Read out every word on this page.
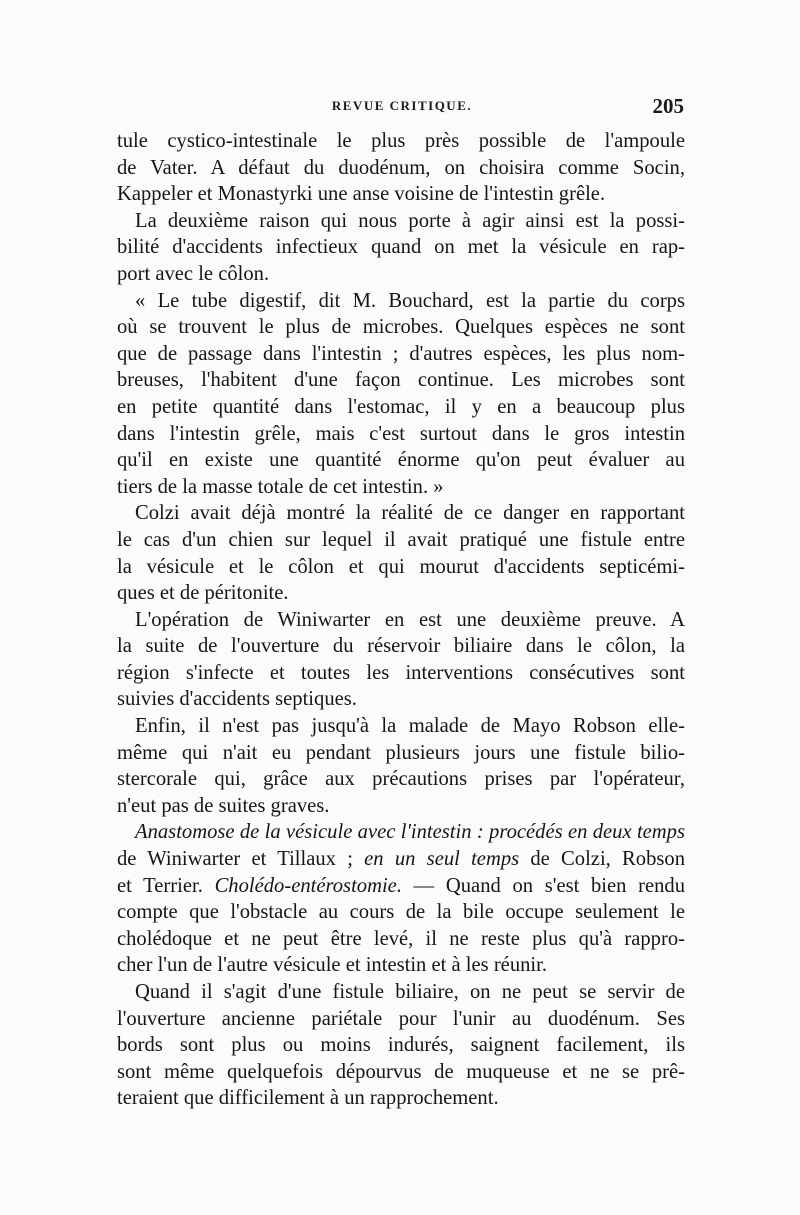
REVUE CRITIQUE.	205
tule cystico-intestinale le plus près possible de l'ampoule
de Vater. A défaut du duodénum, on choisira comme Socin,
Kappeler et Monastyrki une anse voisine de l'intestin grêle.
La deuxième raison qui nous porte à agir ainsi est la possi-
bilité d'accidents infectieux quand on met la vésicule en rap-
port avec le côlon.
« Le tube digestif, dit M. Bouchard, est la partie du corps
où se trouvent le plus de microbes. Quelques espèces ne sont
que de passage dans l'intestin ; d'autres espèces, les plus nom-
breuses, l'habitent d'une façon continue. Les microbes sont
en petite quantité dans l'estomac, il y en a beaucoup plus
dans l'intestin grêle, mais c'est surtout dans le gros intestin
qu'il en existe une quantité énorme qu'on peut évaluer au
tiers de la masse totale de cet intestin. »
Colzi avait déjà montré la réalité de ce danger en rapportant
le cas d'un chien sur lequel il avait pratiqué une fistule entre
la vésicule et le côlon et qui mourut d'accidents septicémi-
ques et de péritonite.
L'opération de Winiwarter en est une deuxième preuve. A
la suite de l'ouverture du réservoir biliaire dans le côlon, la
région s'infecte et toutes les interventions consécutives sont
suivies d'accidents septiques.
Enfin, il n'est pas jusqu'à la malade de Mayo Robson elle-
même qui n'ait eu pendant plusieurs jours une fistule bilio-
stercorale qui, grâce aux précautions prises par l'opérateur,
n'eut pas de suites graves.
Anastomose de la vésicule avec l'intestin : procédés en deux temps
de Winiwarter et Tillaux ; en un seul temps de Colzi, Robson
et Terrier. Cholédo-entérostomie. — Quand on s'est bien rendu
compte que l'obstacle au cours de la bile occupe seulement le
cholédoque et ne peut être levé, il ne reste plus qu'à rappro-
cher l'un de l'autre vésicule et intestin et à les réunir.
Quand il s'agit d'une fistule biliaire, on ne peut se servir de
l'ouverture ancienne pariétale pour l'unir au duodénum. Ses
bords sont plus ou moins indurés, saignent facilement, ils
sont même quelquefois dépourvus de muqueuse et ne se prê-
teraient que difficilement à un rapprochement.
